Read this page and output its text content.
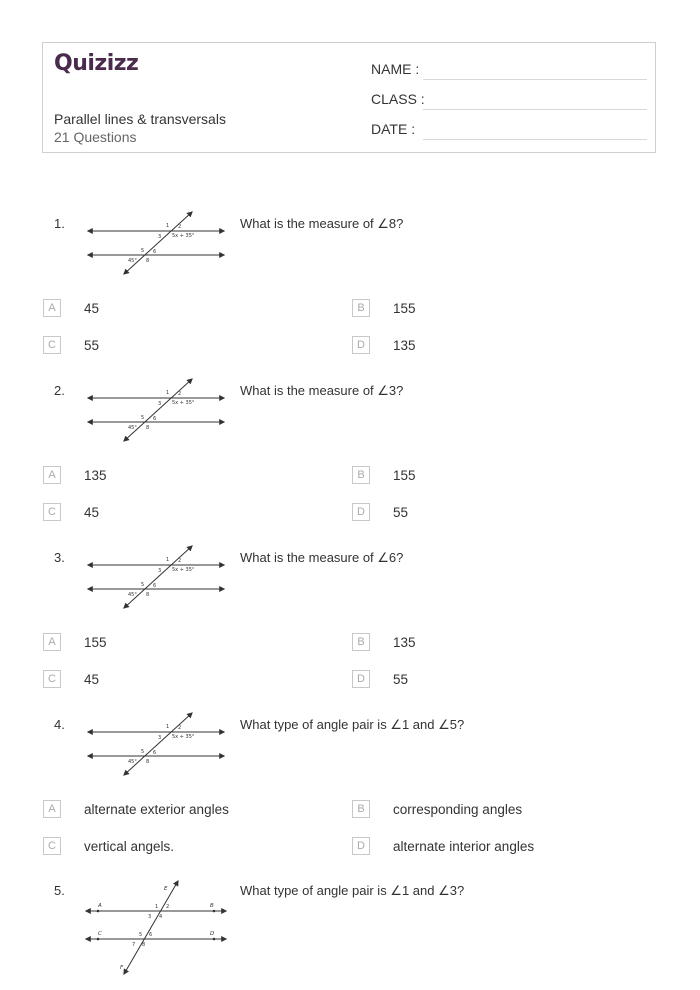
Quizizz
Parallel lines & transversals
21 Questions
NAME :
CLASS :
DATE :
1.	1 2
3 5x + 35°
5 6
45° 8
What is the measure of ∠8?
A	45	B	155
C	55	D	135
2.	1 2
3 5x + 35°
5 6
45° 8
What is the measure of ∠3?
A	135	B	155
C	45	D	55
3.	1 2
3 5x + 35°
5 6
45° 8
What is the measure of ∠6?
A	155	B	135
C	45	D	55
4.	1 2
3 5x + 35°
5 6
45° 8
What type of angle pair is ∠1 and ∠5?
A	alternate exterior angles	B	corresponding angles
C	vertical angels.	D	alternate interior angles
5.	E
A	B
C	D
F
1 2
3 4
5 6
7 8
What type of angle pair is ∠1 and ∠3?
